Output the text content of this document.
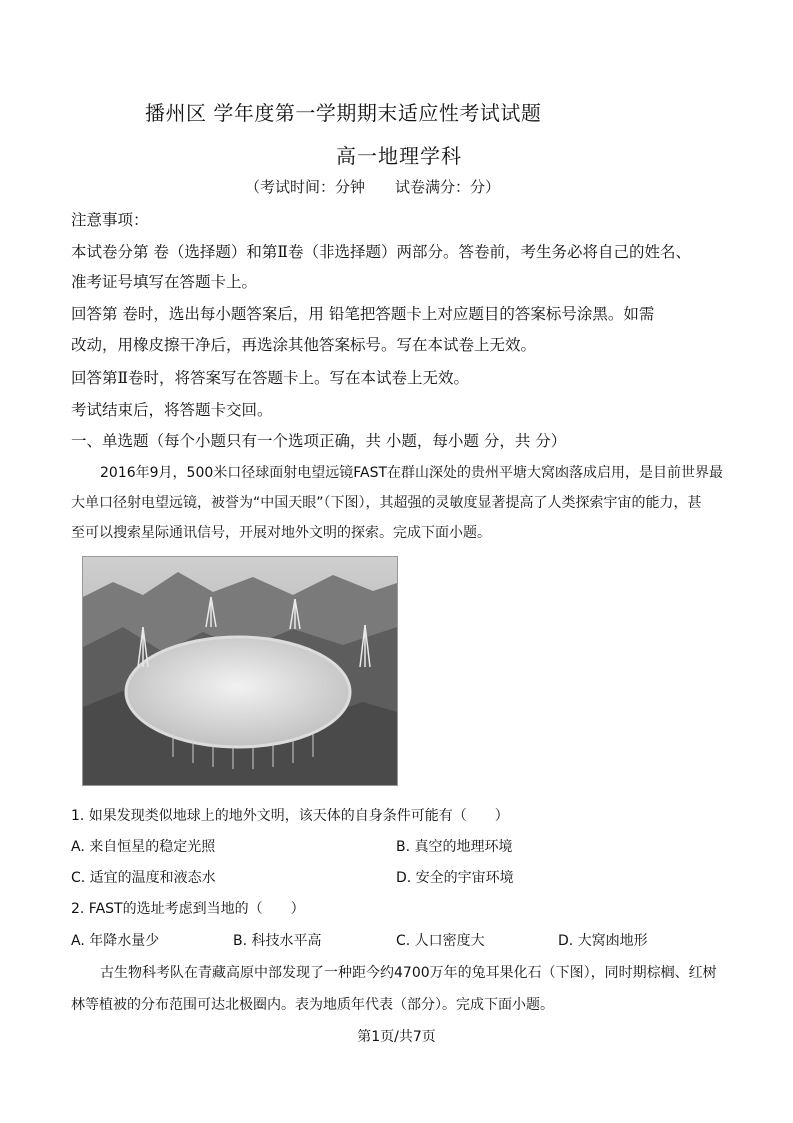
播州区 学年度第一学期期末适应性考试试题
高一地理学科
（考试时间：分钟　　试卷满分：分）
注意事项：
本试卷分第 卷（选择题）和第Ⅱ卷（非选择题）两部分。答卷前，考生务必将自己的姓名、
准考证号填写在答题卡上。
回答第 卷时，选出每小题答案后，用 铅笔把答题卡上对应题目的答案标号涂黑。如需
改动，用橡皮擦干净后，再选涂其他答案标号。写在本试卷上无效。
回答第Ⅱ卷时，将答案写在答题卡上。写在本试卷上无效。
考试结束后，将答题卡交回。
一、单选题（每个小题只有一个选项正确，共 小题，每小题 分，共 分）
2016年9月，500米口径球面射电望远镜FAST在群山深处的贵州平塘大窝凼落成启用，是目前世界最
大单口径射电望远镜，被誉为“中国天眼”（下图），其超强的灵敏度显著提高了人类探索宇宙的能力，甚
至可以搜索星际通讯信号，开展对地外文明的探索。完成下面小题。
1. 如果发现类似地球上的地外文明，该天体的自身条件可能有（　　）
A. 来自恒星的稳定光照	B. 真空的地理环境
C. 适宜的温度和液态水	D. 安全的宇宙环境
2. FAST的选址考虑到当地的（　　）
A. 年降水量少	B. 科技水平高	C. 人口密度大	D. 大窝凼地形
古生物科考队在青藏高原中部发现了一种距今约4700万年的兔耳果化石（下图），同时期棕榈、红树
林等植被的分布范围可达北极圈内。表为地质年代表（部分）。完成下面小题。
第1页/共7页
